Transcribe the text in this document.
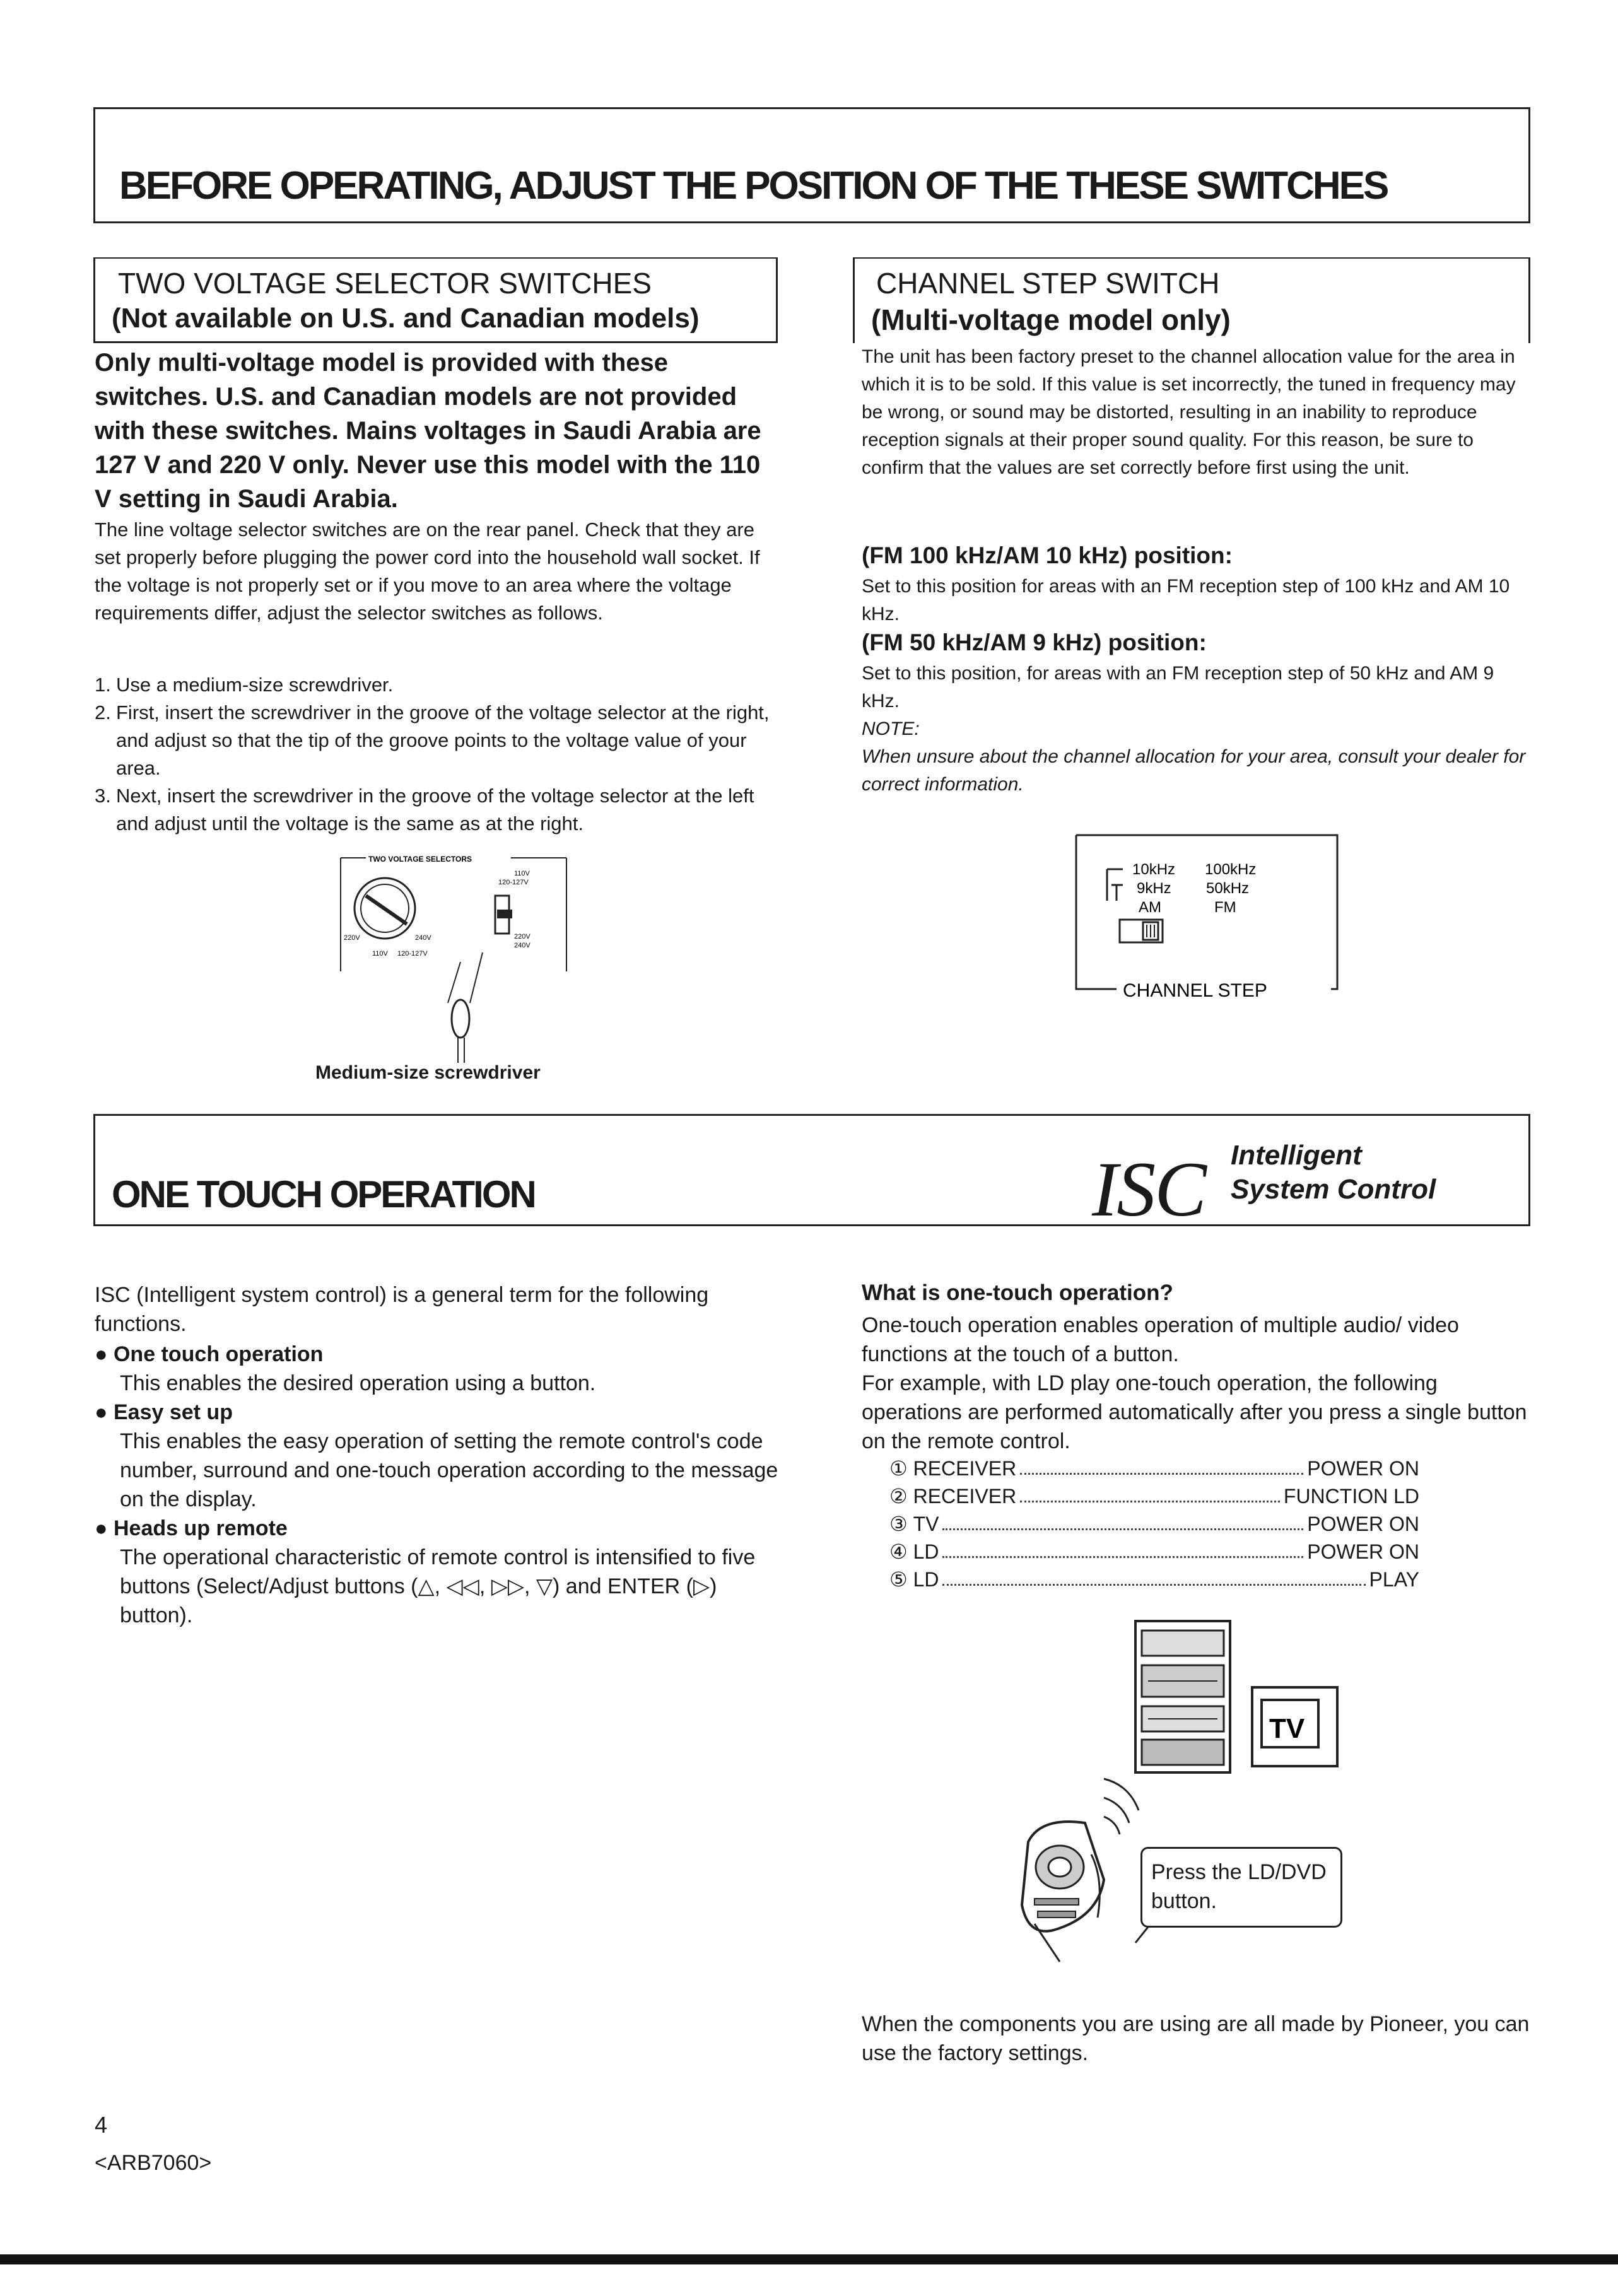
BEFORE OPERATING, ADJUST THE POSITION OF THE THESE SWITCHES
TWO VOLTAGE SELECTOR SWITCHES
(Not available on U.S. and Canadian models)
Only multi-voltage model is provided with these switches. U.S. and Canadian models are not provided with these switches. Mains voltages in Saudi Arabia are 127 V and 220 V only. Never use this model with the 110 V setting in Saudi Arabia.
The line voltage selector switches are on the rear panel. Check that they are set properly before plugging the power cord into the household wall socket. If the voltage is not properly set or if you move to an area where the voltage requirements differ, adjust the selector switches as follows.
1. Use a medium-size screwdriver.
2. First, insert the screwdriver in the groove of the voltage selector at the right, and adjust so that the tip of the groove points to the voltage value of your area.
3. Next, insert the screwdriver in the groove of the voltage selector at the left and adjust until the voltage is the same as at the right.
TWO VOLTAGE SELECTORS
110V 120-127V
220V	240V
110V
120-127V
220V
240V
Medium-size screwdriver
CHANNEL STEP SWITCH
(Multi-voltage model only)
The unit has been factory preset to the channel allocation value for the area in which it is to be sold. If this value is set incorrectly, the tuned in frequency may be wrong, or sound may be distorted, resulting in an inability to reproduce reception signals at their proper sound quality. For this reason, be sure to confirm that the values are set correctly before first using the unit.
(FM 100 kHz/AM 10 kHz) position:
Set to this position for areas with an FM reception step of 100 kHz and AM 10 kHz.
(FM 50 kHz/AM 9 kHz) position:
Set to this position, for areas with an FM reception step of 50 kHz and AM 9 kHz.
NOTE:
When unsure about the channel allocation for your area, consult your dealer for correct information.
CHANNEL STEP
10kHz 100kHz
9kHz 50kHz
AM	FM
ONE TOUCH OPERATION	ISC Intelligent
System Control
ISC (Intelligent system control) is a general term for the following functions.
● One touch operation
This enables the desired operation using a button.
● Easy set up
This enables the easy operation of setting the remote control's code number, surround and one-touch operation according to the message on the display.
● Heads up remote
The operational characteristic of remote control is intensified to five buttons (Select/Adjust buttons (△, ◁◁, ▷▷, ▽) and ENTER (▷) button).
What is one-touch operation?
One-touch operation enables operation of multiple audio/ video functions at the touch of a button.
For example, with LD play one-touch operation, the following operations are performed automatically after you press a single button on the remote control.
①
RECEIVER	POWER ON
②
RECEIVER	FUNCTION LD
③
TV	POWER ON
④
LD	POWER ON
⑤
LD	PLAY
TV
Press the LD/DVD button.
When the components you are using are all made by Pioneer, you can use the factory settings.
4
<ARB7060>
